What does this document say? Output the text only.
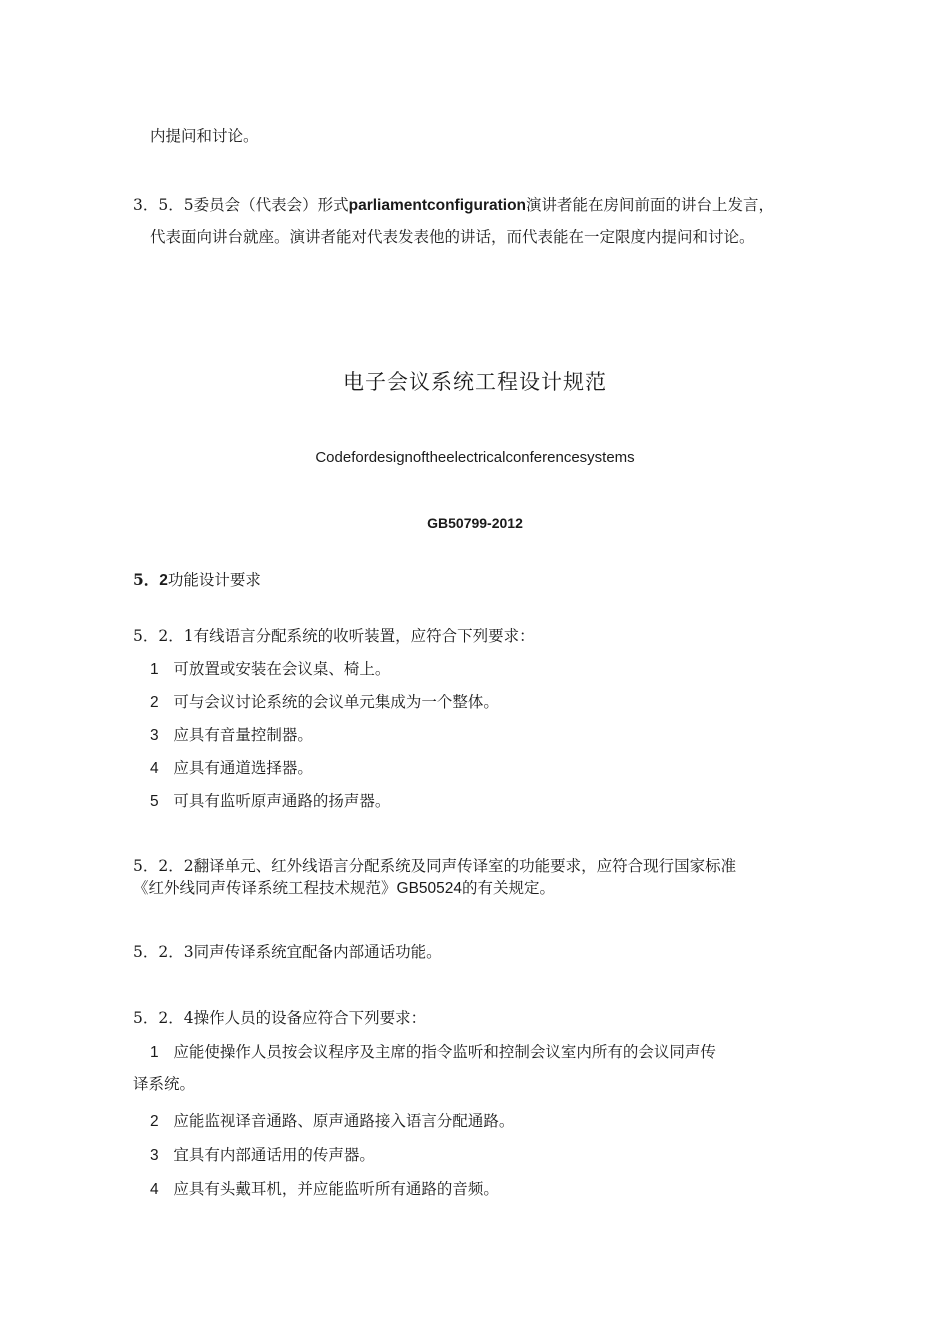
内提问和讨论。
3．5．5委员会（代表会）形式parliamentconfiguration演讲者能在房间前面的讲台上发言，
代表面向讲台就座。演讲者能对代表发表他的讲话，而代表能在一定限度内提问和讨论。
电子会议系统工程设计规范
Codefordesignoftheelectricalconferencesystems
GB50799-2012
5．2功能设计要求
5．2．1有线语言分配系统的收听装置，应符合下列要求：
1 可放置或安装在会议桌、椅上。
2 可与会议讨论系统的会议单元集成为一个整体。
3 应具有音量控制器。
4 应具有通道选择器。
5 可具有监听原声通路的扬声器。
5．2．2翻译单元、红外线语言分配系统及同声传译室的功能要求，应符合现行国家标准
《红外线同声传译系统工程技术规范》GB50524的有关规定。
5．2．3同声传译系统宜配备内部通话功能。
5．2．4操作人员的设备应符合下列要求：
1 应能使操作人员按会议程序及主席的指令监听和控制会议室内所有的会议同声传
译系统。
2 应能监视译音通路、原声通路接入语言分配通路。
3 宜具有内部通话用的传声器。
4 应具有头戴耳机，并应能监听所有通路的音频。
